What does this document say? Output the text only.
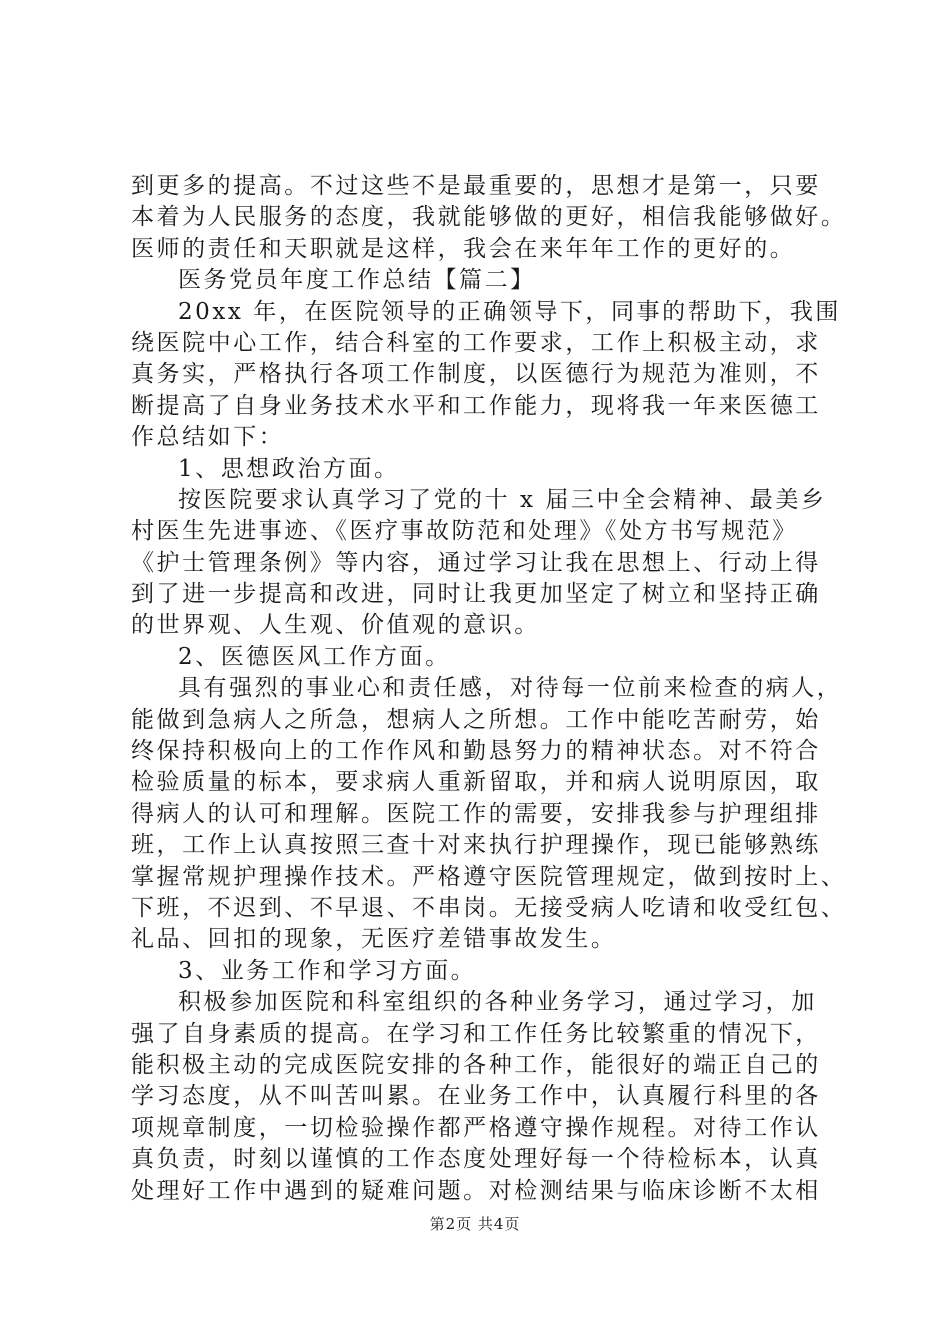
到更多的提高。不过这些不是最重要的，思想才是第一，只要
本着为人民服务的态度，我就能够做的更好，相信我能够做好。
医师的责任和天职就是这样，我会在来年年工作的更好的。
医务党员年度工作总结【篇二】
20xx 年，在医院领导的正确领导下，同事的帮助下，我围
绕医院中心工作，结合科室的工作要求，工作上积极主动，求
真务实，严格执行各项工作制度，以医德行为规范为准则，不
断提高了自身业务技术水平和工作能力，现将我一年来医德工
作总结如下：
1、思想政治方面。
按医院要求认真学习了党的十 x 届三中全会精神、最美乡
村医生先进事迹、《医疗事故防范和处理》《处方书写规范》
《护士管理条例》等内容，通过学习让我在思想上、行动上得
到了进一步提高和改进，同时让我更加坚定了树立和坚持正确
的世界观、人生观、价值观的意识。
2、医德医风工作方面。
具有强烈的事业心和责任感，对待每一位前来检查的病人，
能做到急病人之所急，想病人之所想。工作中能吃苦耐劳，始
终保持积极向上的工作作风和勤恳努力的精神状态。对不符合
检验质量的标本，要求病人重新留取，并和病人说明原因，取
得病人的认可和理解。医院工作的需要，安排我参与护理组排
班，工作上认真按照三查十对来执行护理操作，现已能够熟练
掌握常规护理操作技术。严格遵守医院管理规定，做到按时上、
下班，不迟到、不早退、不串岗。无接受病人吃请和收受红包、
礼品、回扣的现象，无医疗差错事故发生。
3、业务工作和学习方面。
积极参加医院和科室组织的各种业务学习，通过学习，加
强了自身素质的提高。在学习和工作任务比较繁重的情况下，
能积极主动的完成医院安排的各种工作，能很好的端正自己的
学习态度，从不叫苦叫累。在业务工作中，认真履行科里的各
项规章制度，一切检验操作都严格遵守操作规程。对待工作认
真负责，时刻以谨慎的工作态度处理好每一个待检标本，认真
处理好工作中遇到的疑难问题。对检测结果与临床诊断不太相
第2页 共4页
